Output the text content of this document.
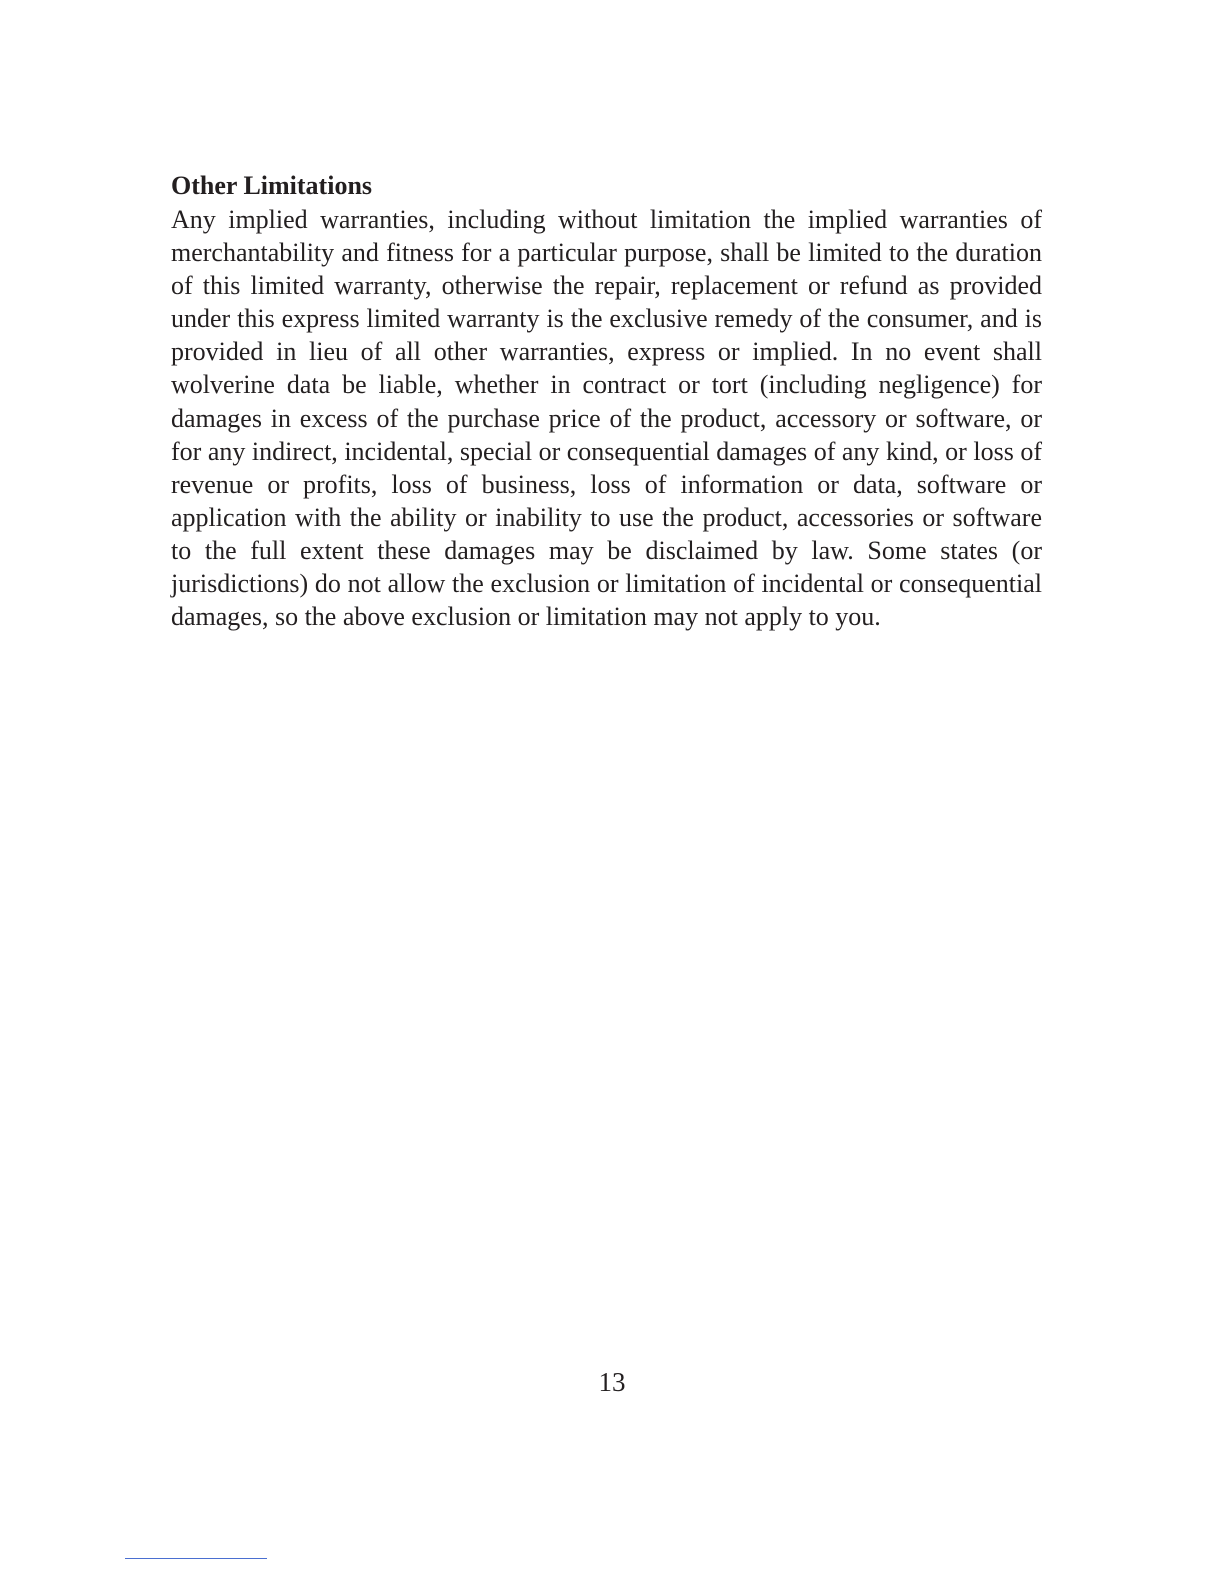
Other Limitations

Any implied warranties, including without limitation the implied warranties of merchantability and fitness for a particular purpose, shall be limited to the duration of this limited warranty, otherwise the repair, replacement or refund as provided under this express limited warranty is the exclusive remedy of the consumer, and is provided in lieu of all other warranties, express or implied. In no event shall wolverine data be liable, whether in contract or tort (including negligence) for damages in excess of the purchase price of the product, accessory or software, or for any indirect, incidental, special or consequential damages of any kind, or loss of revenue or profits, loss of business, loss of information or data, software or application with the ability or inability to use the product, accessories or software to the full extent these damages may be disclaimed by law. Some states (or jurisdictions) do not allow the exclusion or limitation of incidental or consequential damages, so the above exclusion or limitation may not apply to you.

13
